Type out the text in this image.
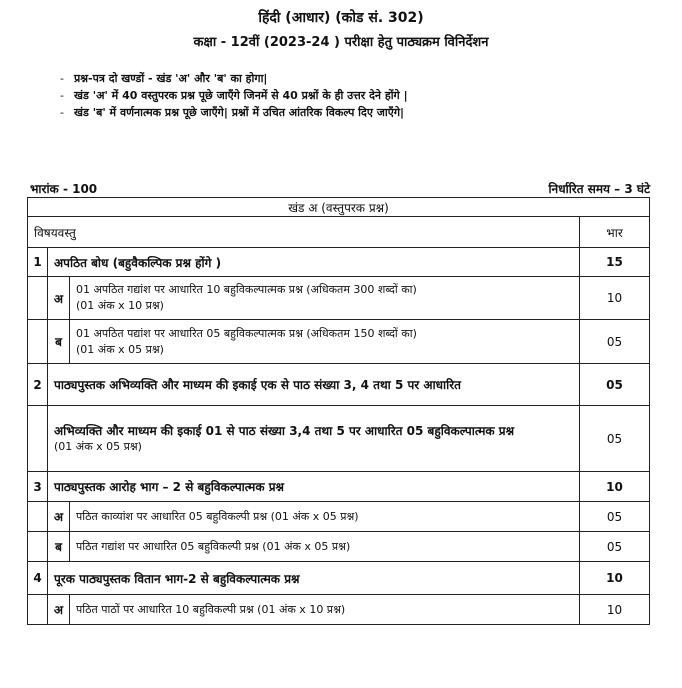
हिंदी (आधार) (कोड सं. 302)
कक्षा - 12वीं (2023-24 ) परीक्षा हेतु पाठ्यक्रम विनिर्देशन
- प्रश्न-पत्र दो खण्डों - खंड 'अ' और 'ब' का होगा|
- खंड 'अ' में 40 वस्तुपरक प्रश्न पूछे जाएँगे जिनमें से 40 प्रश्नों के ही उत्तर देने होंगे |
- खंड 'ब' में वर्णनात्मक प्रश्न पूछे जाएँगे| प्रश्नों में उचित आंतरिक विकल्प दिए जाएँगे|
भारांक - 100	निर्धारित समय – 3 घंटे
खंड अ (वस्तुपरक प्रश्न)			
विषयवस्तु			भार
1	अपठित बोध (बहुवैकल्पिक प्रश्न होंगे )		15
	अ	01 अपठित गद्यांश पर आधारित 10 बहुविकल्पात्मक प्रश्न (अधिकतम 300 शब्दों का)
(01 अंक x 10 प्रश्न)	10
	ब	01 अपठित पद्यांश पर आधारित 05 बहुविकल्पात्मक प्रश्न (अधिकतम 150 शब्दों का)
(01 अंक x 05 प्रश्न)	05
2	पाठ्यपुस्तक अभिव्यक्ति और माध्यम की इकाई एक से पाठ संख्या 3, 4 तथा 5 पर आधारित		05
	अभिव्यक्ति और माध्यम की इकाई 01 से पाठ संख्या 3,4 तथा 5 पर आधारित 05 बहुविकल्पात्मक प्रश्न
(01 अंक x 05 प्रश्न)		05
3	पाठ्यपुस्तक आरोह भाग – 2 से बहुविकल्पात्मक प्रश्न		10
	अ	पठित काव्यांश पर आधारित 05 बहुविकल्पी प्रश्न (01 अंक x 05 प्रश्न)	05
	ब	पठित गद्यांश पर आधारित 05 बहुविकल्पी प्रश्न (01 अंक x 05 प्रश्न)	05
4	पूरक पाठ्यपुस्तक वितान भाग-2 से बहुविकल्पात्मक प्रश्न		10
	अ	पठित पाठों पर आधारित 10 बहुविकल्पी प्रश्न (01 अंक x 10 प्रश्न)	10
